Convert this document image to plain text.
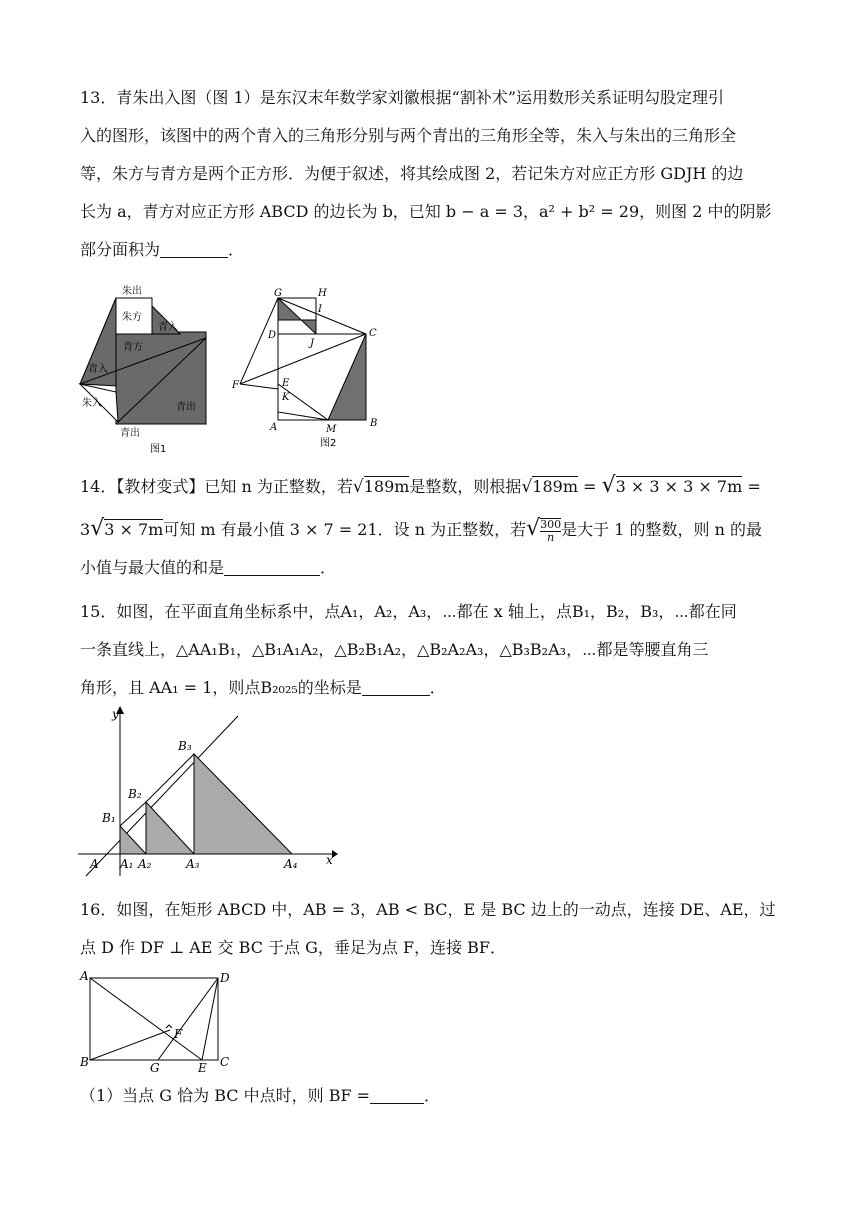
13．青朱出入图（图 1）是东汉末年数学家刘徽根据“割补术”运用数形关系证明勾股定理引
入的图形，该图中的两个青入的三角形分别与两个青出的三角形全等，朱入与朱出的三角形全
等，朱方与青方是两个正方形．为便于叙述，将其绘成图 2，若记朱方对应正方形 GDJH 的边
长为 a，青方对应正方形 ABCD 的边长为 b，已知 b − a = 3，a² + b² = 29，则图 2 中的阴影
部分面积为	．
朱出
朱方
青入
青方
青入
朱入	青出
青出
图1
G	H
I
C
D
J
F	E
K
A	M
B
图2
14．【教材变式】已知 n 为正整数，若√189m是整数，则根据√189m = √3 × 3 × 3 × 7m =
3√3 × 7m可知 m 有最小值 3 × 7 = 21．设 n 为正整数，若√ $\frac{300}{n}$ 是大于 1 的整数，则 n 的最
小值与最大值的和是	．
15．如图，在平面直角坐标系中，点A₁，A₂，A₃，⋯都在 x 轴上，点B₁，B₂，B₃，⋯都在同
一条直线上，△AA₁B₁，△B₁A₁A₂，△B₂B₁A₂，△B₂A₂A₃，△B₃B₂A₃，⋯都是等腰直角三
角形，且 AA₁ = 1，则点B₂₀₂₅的坐标是	．
y
x
A A₁ A₂	A₃	A₄
B₁
B₂
B₃
16．如图，在矩形 ABCD 中，AB = 3，AB < BC，E 是 BC 边上的一动点，连接 DE、AE，过
点 D 作 DF ⊥ AE 交 BC 于点 G，垂足为点 F，连接 BF．
A	D
F
B	G	E C
（1）当点 G 恰为 BC 中点时，则 BF =	．
